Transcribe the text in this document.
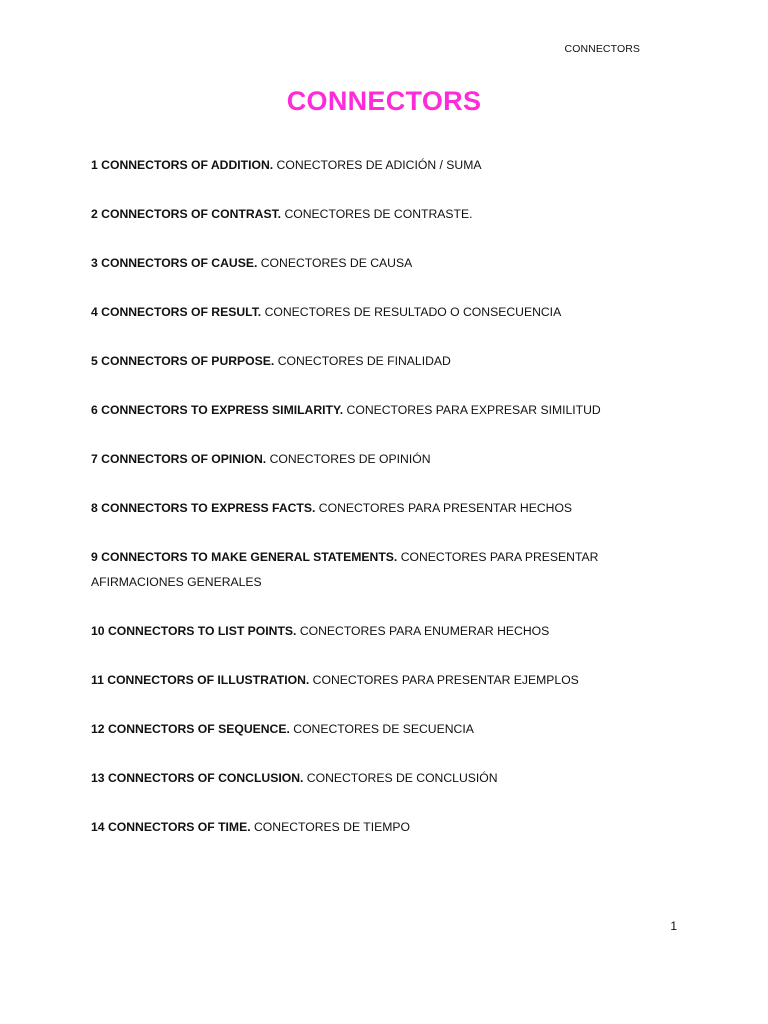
CONNECTORS
CONNECTORS
1 CONNECTORS OF ADDITION. CONECTORES DE ADICIÓN / SUMA
2 CONNECTORS OF CONTRAST. CONECTORES DE CONTRASTE.
3 CONNECTORS OF CAUSE. CONECTORES DE CAUSA
4 CONNECTORS OF RESULT. CONECTORES DE RESULTADO O CONSECUENCIA
5 CONNECTORS OF PURPOSE. CONECTORES DE FINALIDAD
6 CONNECTORS TO EXPRESS SIMILARITY. CONECTORES PARA EXPRESAR SIMILITUD
7 CONNECTORS OF OPINION. CONECTORES DE OPINIÓN
8 CONNECTORS TO EXPRESS FACTS. CONECTORES PARA PRESENTAR HECHOS
9 CONNECTORS TO MAKE GENERAL STATEMENTS. CONECTORES PARA PRESENTAR AFIRMACIONES GENERALES
10 CONNECTORS TO LIST POINTS. CONECTORES PARA ENUMERAR HECHOS
11 CONNECTORS OF ILLUSTRATION. CONECTORES PARA PRESENTAR EJEMPLOS
12 CONNECTORS OF SEQUENCE. CONECTORES DE SECUENCIA
13 CONNECTORS OF CONCLUSION. CONECTORES DE CONCLUSIÓN
14 CONNECTORS OF TIME. CONECTORES DE TIEMPO
1
